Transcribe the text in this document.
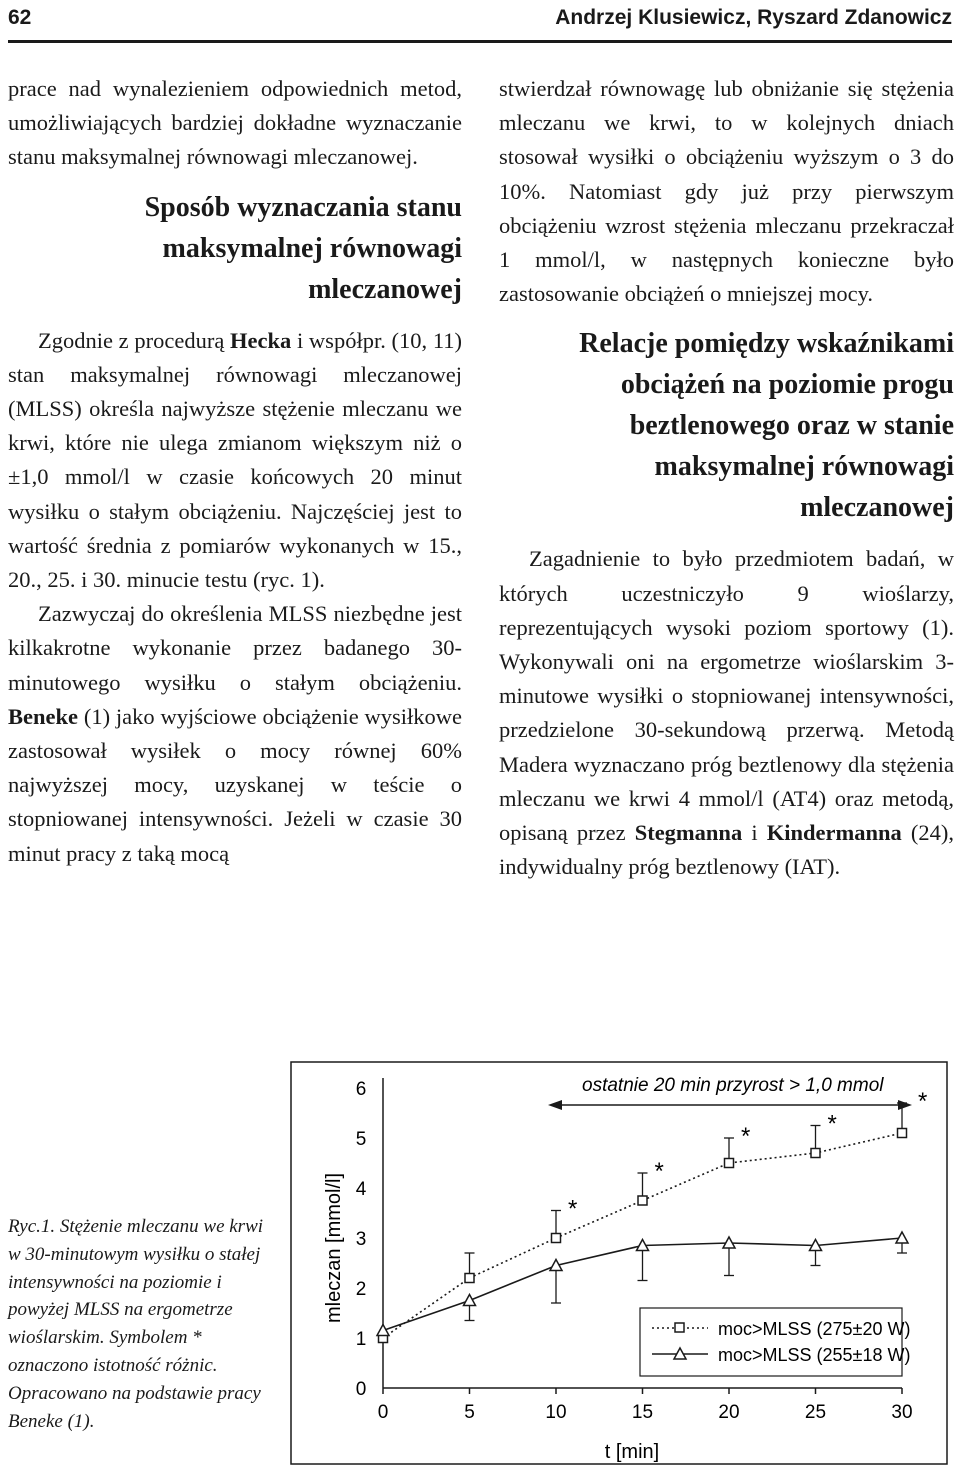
62	Andrzej Klusiewicz, Ryszard Zdanowicz

prace nad wynalezieniem odpowiednich metod, umożliwiających bardziej dokładne wyznaczanie stanu maksymalnej równowagi mleczanowej.

Sposób wyznaczania stanu maksymalnej równowagi mleczanowej

Zgodnie z procedurą Hecka i współpr. (10, 11) stan maksymalnej równowagi mleczanowej (MLSS) określa najwyższe stężenie mleczanu we krwi, które nie ulega zmianom większym niż o ±1,0 mmol/l w czasie końcowych 20 minut wysiłku o stałym obciążeniu. Najczęściej jest to wartość średnia z pomiarów wykonanych w 15., 20., 25. i 30. minucie testu (ryc. 1).

Zazwyczaj do określenia MLSS niezbędne jest kilkakrotne wykonanie przez badanego 30-minutowego wysiłku o stałym obciążeniu. Beneke (1) jako wyjściowe obciążenie wysiłkowe zastosował wysiłek o mocy równej 60% najwyższej mocy, uzyskanej w teście o stopniowanej intensywności. Jeżeli w czasie 30 minut pracy z taką mocą

stwierdzał równowagę lub obniżanie się stężenia mleczanu we krwi, to w kolejnych dniach stosował wysiłki o obciążeniu wyższym o 3 do 10%. Natomiast gdy już przy pierwszym obciążeniu wzrost stężenia mleczanu przekraczał 1 mmol/l, w następnych konieczne było zastosowanie obciążeń o mniejszej mocy.

Relacje pomiędzy wskaźnikami obciążeń na poziomie progu beztlenowego oraz w stanie maksymalnej równowagi mleczanowej

Zagadnienie to było przedmiotem badań, w których uczestniczyło 9 wioślarzy, reprezentujących wysoki poziom sportowy (1). Wykonywali oni na ergometrze wioślarskim 3-minutowe wysiłki o stopniowanej intensywności, przedzielone 30-sekundową przerwą. Metodą Madera wyznaczano próg beztlenowy dla stężenia mleczanu we krwi 4 mmol/l (AT4) oraz metodą, opisaną przez Stegmanna i Kindermanna (24), indywidualny próg beztlenowy (IAT).

Ryc.1. Stężenie mleczanu we krwi w 30-minutowym wysiłku o stałej intensywności na poziomie i powyżej MLSS na ergometrze wioślarskim. Symbolem * oznaczono istotność różnic. Opracowano na podstawie pracy Beneke (1).
mleczan [mmol/l]
t [min]
ostatnie 20 min przyrost > 1,0 mmol
0
1
2
3
4
5
6
0	5	10	15	20	25	30
*
*
*	*
*
moc>MLSS (275±20 W)
moc>MLSS (255±18 W)
